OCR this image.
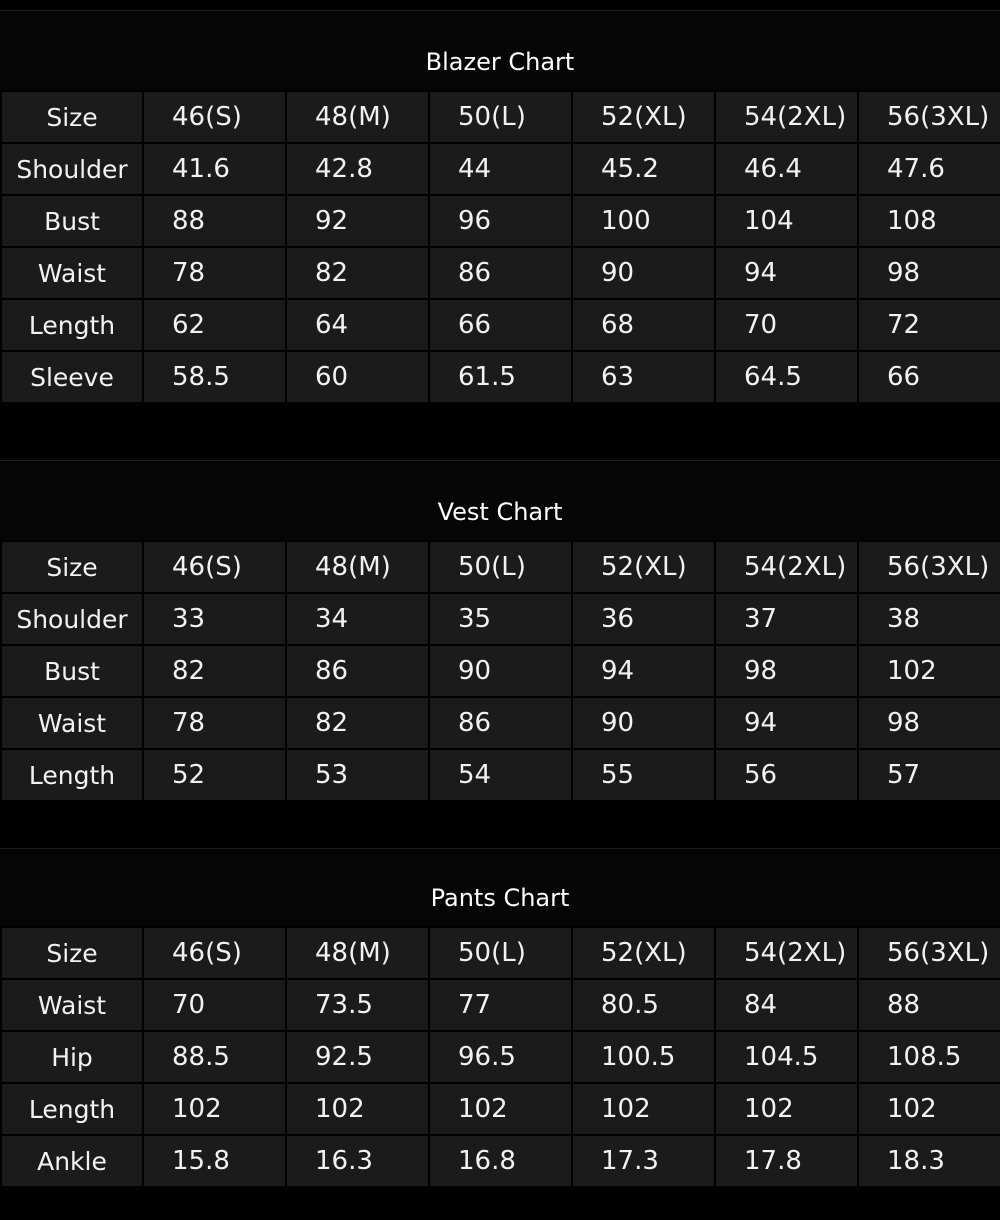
Blazer Chart
Size	46(S)	48(M)	50(L)	52(XL)	54(2XL)	56(3XL)
Shoulder	41.6	42.8	44	45.2	46.4	47.6
Bust	88	92	96	100	104	108
Waist	78	82	86	90	94	98
Length	62	64	66	68	70	72
Sleeve	58.5	60	61.5	63	64.5	66
Vest Chart
Size	46(S)	48(M)	50(L)	52(XL)	54(2XL)	56(3XL)
Shoulder	33	34	35	36	37	38
Bust	82	86	90	94	98	102
Waist	78	82	86	90	94	98
Length	52	53	54	55	56	57
Pants Chart
Size	46(S)	48(M)	50(L)	52(XL)	54(2XL)	56(3XL)
Waist	70	73.5	77	80.5	84	88
Hip	88.5	92.5	96.5	100.5	104.5	108.5
Length	102	102	102	102	102	102
Ankle	15.8	16.3	16.8	17.3	17.8	18.3
